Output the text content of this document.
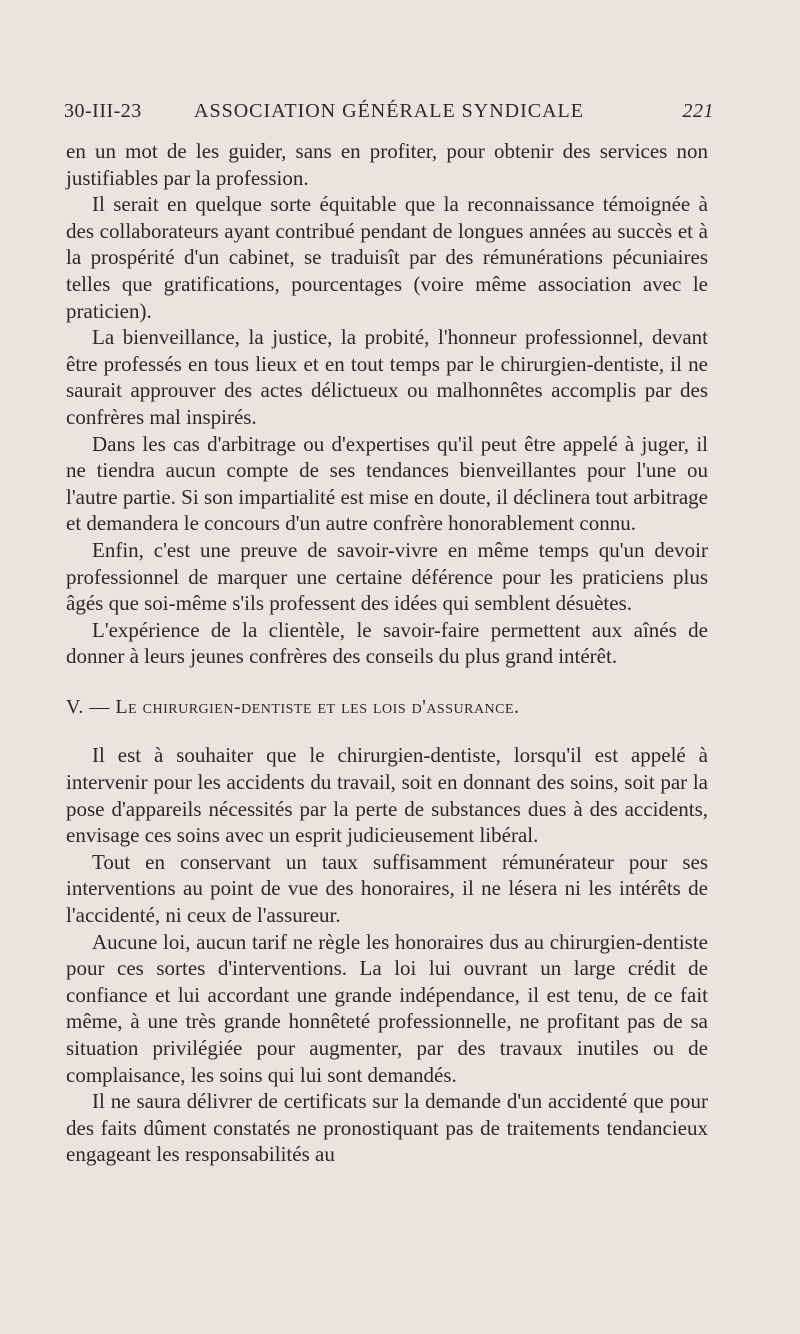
30-III-23	ASSOCIATION GÉNÉRALE SYNDICALE	221

en un mot de les guider, sans en profiter, pour obtenir des services non justifiables par la profession.

Il serait en quelque sorte équitable que la reconnaissance témoignée à des collaborateurs ayant contribué pendant de longues années au succès et à la prospérité d'un cabinet, se traduisît par des rémunérations pécuniaires telles que gratifications, pourcentages (voire même association avec le praticien).

La bienveillance, la justice, la probité, l'honneur professionnel, devant être professés en tous lieux et en tout temps par le chirurgien-dentiste, il ne saurait approuver des actes délictueux ou malhonnêtes accomplis par des confrères mal inspirés.

Dans les cas d'arbitrage ou d'expertises qu'il peut être appelé à juger, il ne tiendra aucun compte de ses tendances bienveillantes pour l'une ou l'autre partie. Si son impartialité est mise en doute, il déclinera tout arbitrage et demandera le concours d'un autre confrère honorablement connu.

Enfin, c'est une preuve de savoir-vivre en même temps qu'un devoir professionnel de marquer une certaine déférence pour les praticiens plus âgés que soi-même s'ils professent des idées qui semblent désuètes.

L'expérience de la clientèle, le savoir-faire permettent aux aînés de donner à leurs jeunes confrères des conseils du plus grand intérêt.

V. — Le chirurgien-dentiste et les lois d'assurance.

Il est à souhaiter que le chirurgien-dentiste, lorsqu'il est appelé à intervenir pour les accidents du travail, soit en donnant des soins, soit par la pose d'appareils nécessités par la perte de substances dues à des accidents, envisage ces soins avec un esprit judicieusement libéral.

Tout en conservant un taux suffisamment rémunérateur pour ses interventions au point de vue des honoraires, il ne lésera ni les intérêts de l'accidenté, ni ceux de l'assureur.

Aucune loi, aucun tarif ne règle les honoraires dus au chirurgien-dentiste pour ces sortes d'interventions. La loi lui ouvrant un large crédit de confiance et lui accordant une grande indépendance, il est tenu, de ce fait même, à une très grande honnêteté professionnelle, ne profitant pas de sa situation privilégiée pour augmenter, par des travaux inutiles ou de complaisance, les soins qui lui sont demandés.

Il ne saura délivrer de certificats sur la demande d'un accidenté que pour des faits dûment constatés ne pronostiquant pas de traitements tendancieux engageant les responsabilités au
